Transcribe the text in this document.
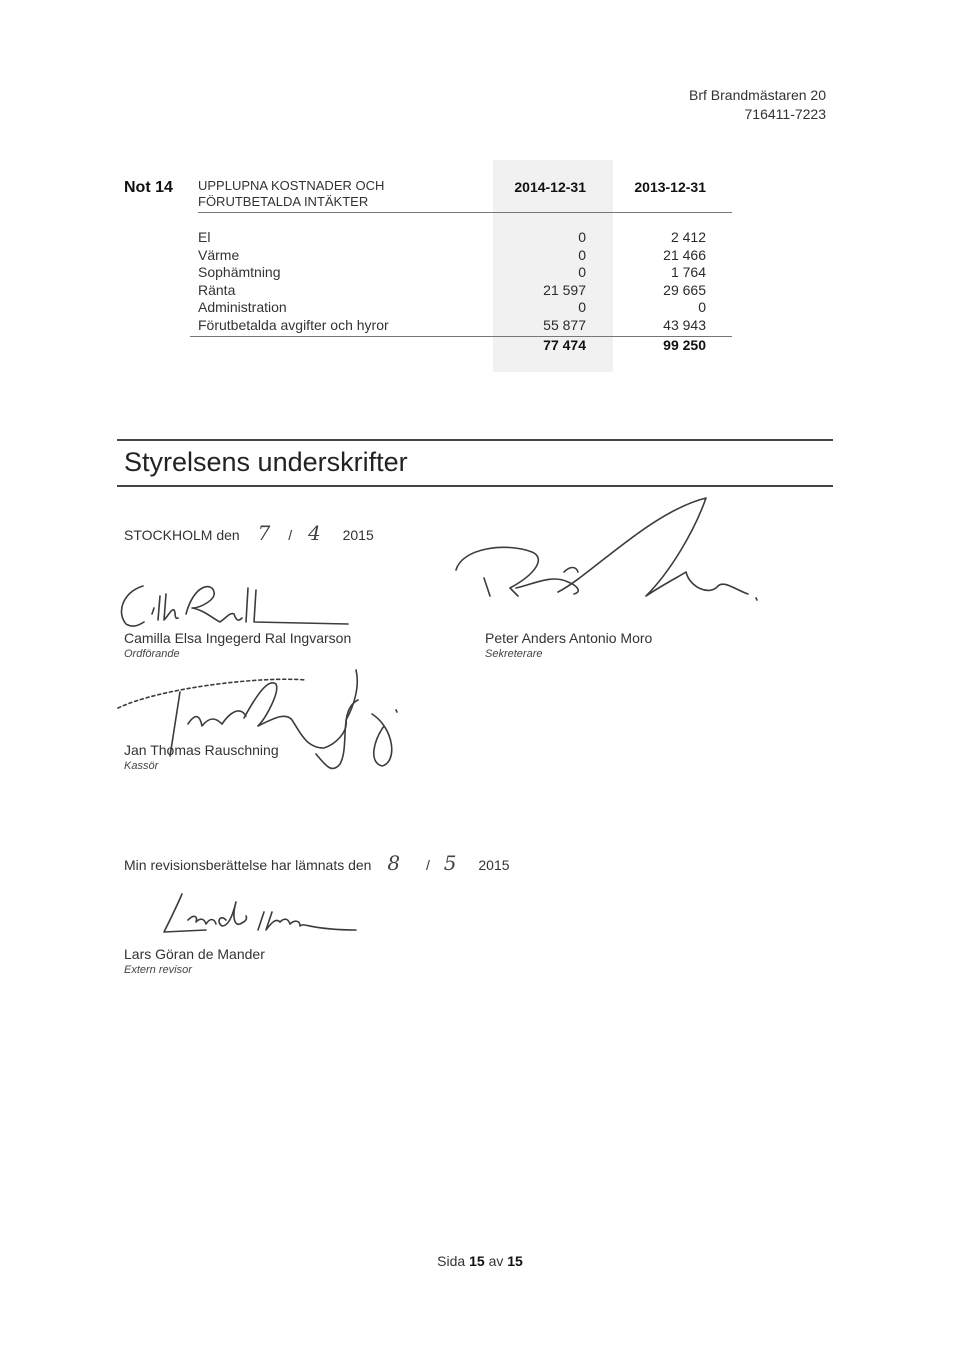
Brf Brandmästaren 20
716411-7223
Not 14 UPPLUPNA KOSTNADER OCH
FÖRUTBETALDA INTÄKTER
2014-12-31	2013-12-31
El	0	2 412
Värme	0	21 466
Sophämtning	0	1 764
Ränta	21 597	29 665
Administration	0	0
Förutbetalda avgifter och hyror	55 877	43 943
77 474	99 250
Styrelsens underskrifter
STOCKHOLM den 7 / 4 2015
Camilla Elsa Ingegerd Ral Ingvarson
Ordförande
Peter Anders Antonio Moro
Sekreterare
Jan Thomas Rauschning
Kassör
Min revisionsberättelse har lämnats den 8 / 5 2015
Lars Göran de Mander
Extern revisor
Sida 15 av 15
